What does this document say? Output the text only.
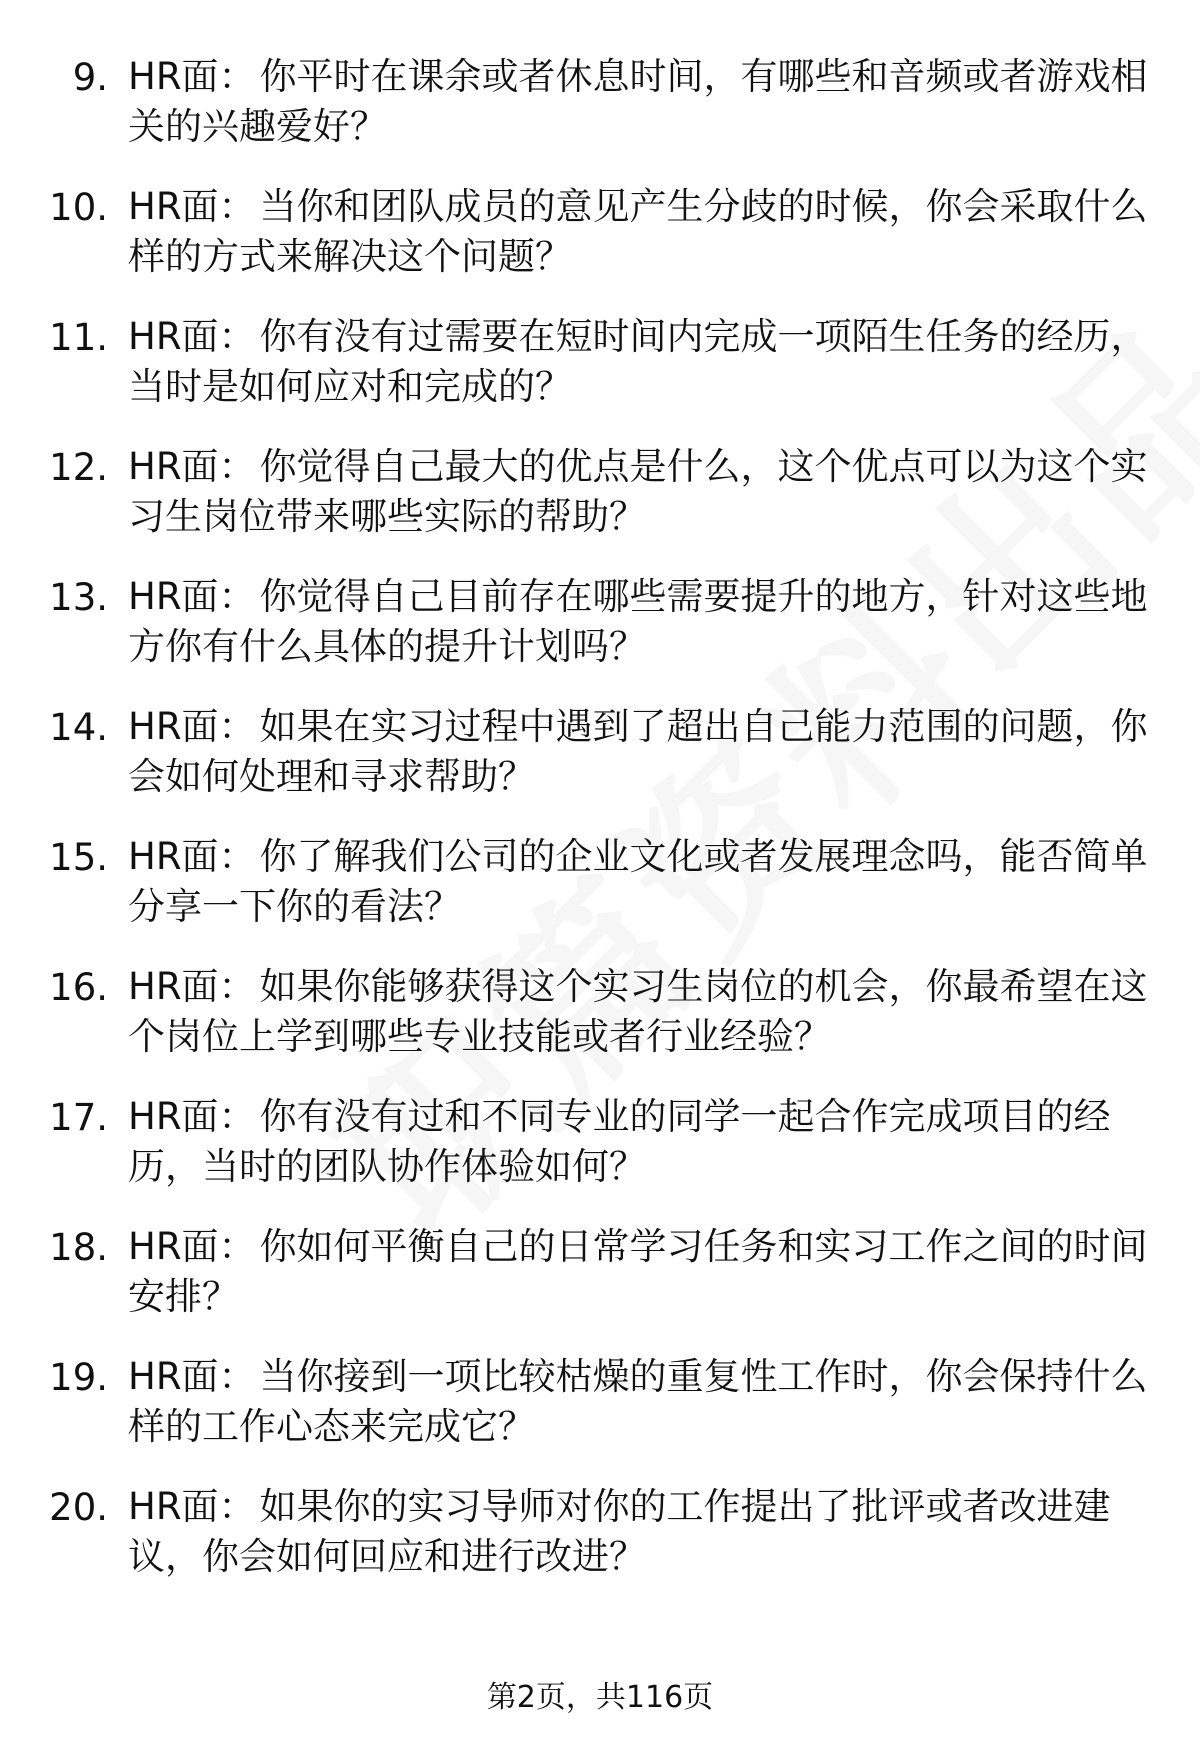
9. HR面： 你平时在课余或者休息时间，有哪些和音频或者游戏相关的兴趣爱好？
10. HR面： 当你和团队成员的意见产生分歧的时候，你会采取什么样的方式来解决这个问题？
11. HR面： 你有没有过需要在短时间内完成一项陌生任务的经历，当时是如何应对和完成的？
12. HR面： 你觉得自己最大的优点是什么，这个优点可以为这个实习生岗位带来哪些实际的帮助？
13. HR面： 你觉得自己目前存在哪些需要提升的地方，针对这些地方你有什么具体的提升计划吗？
14. HR面： 如果在实习过程中遇到了超出自己能力范围的问题，你会如何处理和寻求帮助？
15. HR面： 你了解我们公司的企业文化或者发展理念吗，能否简单分享一下你的看法？
16. HR面： 如果你能够获得这个实习生岗位的机会，你最希望在这个岗位上学到哪些专业技能或者行业经验？
17. HR面： 你有没有过和不同专业的同学一起合作完成项目的经历，当时的团队协作体验如何？
18. HR面： 你如何平衡自己的日常学习任务和实习工作之间的时间安排？
19. HR面： 当你接到一项比较枯燥的重复性工作时，你会保持什么样的工作心态来完成它？
20. HR面： 如果你的实习导师对你的工作提出了批评或者改进建议，你会如何回应和进行改进？
第2页，共116页
